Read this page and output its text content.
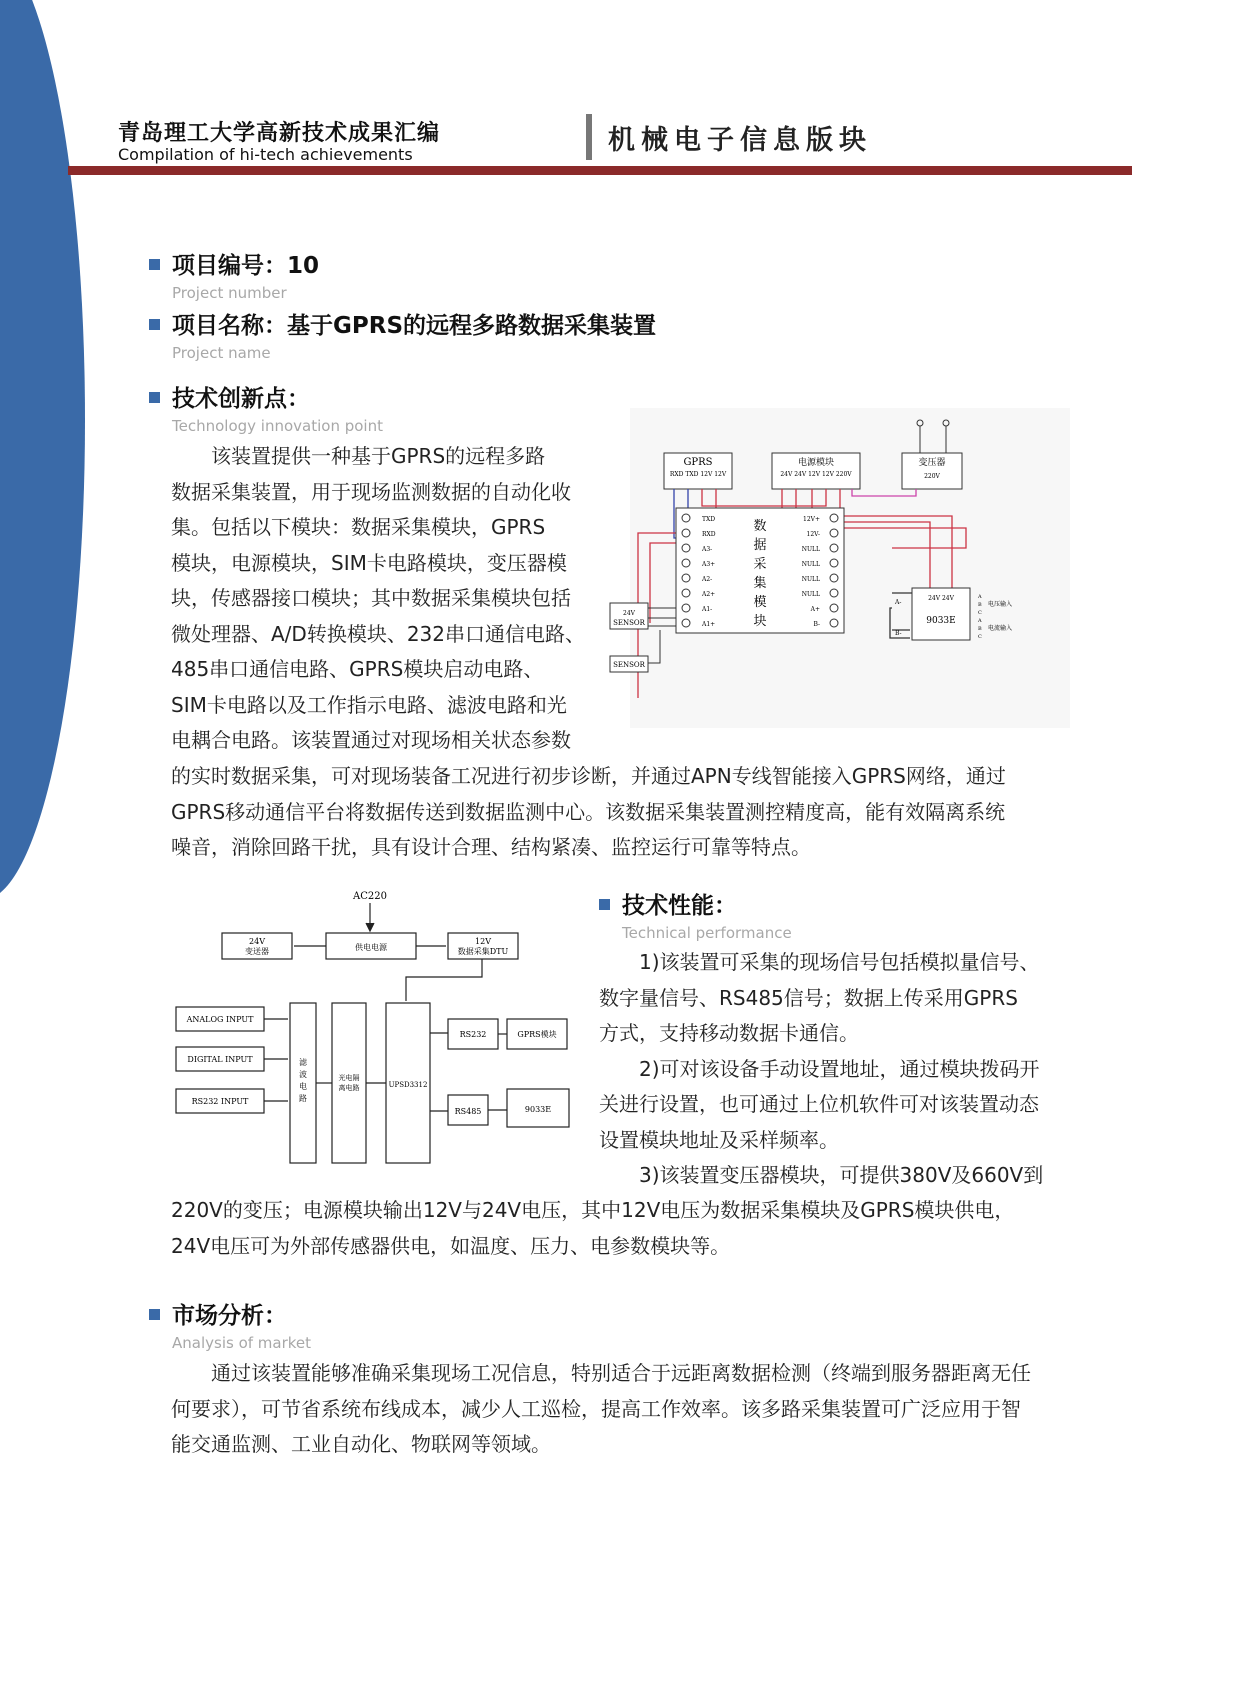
青岛理工大学高新技术成果汇编
Compilation of hi-tech achievements	机械电子信息版块
项目编号：10
Project number
项目名称：基于GPRS的远程多路数据采集装置
Project name
技术创新点：
Technology innovation point

　　该装置提供一种基于GPRS的远程多路

数据采集装置，用于现场监测数据的自动化收

集。包括以下模块：数据采集模块，GPRS

模块，电源模块，SIM卡电路模块，变压器模

块，传感器接口模块；其中数据采集模块包括

微处理器、A/D转换模块、232串口通信电路、

485串口通信电路、GPRS模块启动电路、

SIM卡电路以及工作指示电路、滤波电路和光

电耦合电路。该装置通过对现场相关状态参数

的实时数据采集，可对现场装备工况进行初步诊断，并通过APN专线智能接入GPRS网络，通过

GPRS移动通信平台将数据传送到数据监测中心。该数据采集装置测控精度高，能有效隔离系统

噪音，消除回路干扰，具有设计合理、结构紧凑、监控运行可靠等特点。

GPRS
RXD TXD 12V 12V
电源模块
24V 24V 12V 12V 220V
变压器
220V
TXD
RXD
A3-
A3+
A2-
A2+
A1-
A1+
12V+
12V-
NULL
NULL
NULL
NULL
A+
B-
数
据
采
集
模
块
24V
SENSOR
SENSOR
24V 24V
9033E
A-
B-
A
B
C
A
B
C
电压输入
电流输入
AC220
24V
变送器	供电电源
12V
数据采集DTU
ANALOG INPUT
DIGITAL INPUT
RS232 INPUT
滤
波
电
路
光电隔
离电路	UPSD3312
RS232	GPRS模块
RS485	9033E
技术性能：
Technical performance

　　1)该装置可采集的现场信号包括模拟量信号、

数字量信号、RS485信号；数据上传采用GPRS

方式，支持移动数据卡通信。

　　2)可对该设备手动设置地址，通过模块拨码开

关进行设置，也可通过上位机软件可对该装置动态

设置模块地址及采样频率。

　　3)该装置变压器模块，可提供380V及660V到

220V的变压；电源模块输出12V与24V电压，其中12V电压为数据采集模块及GPRS模块供电，

24V电压可为外部传感器供电，如温度、压力、电参数模块等。

市场分析：
Analysis of market

　　通过该装置能够准确采集现场工况信息，特别适合于远距离数据检测（终端到服务器距离无任

何要求），可节省系统布线成本，减少人工巡检，提高工作效率。该多路采集装置可广泛应用于智

能交通监测、工业自动化、物联网等领域。
